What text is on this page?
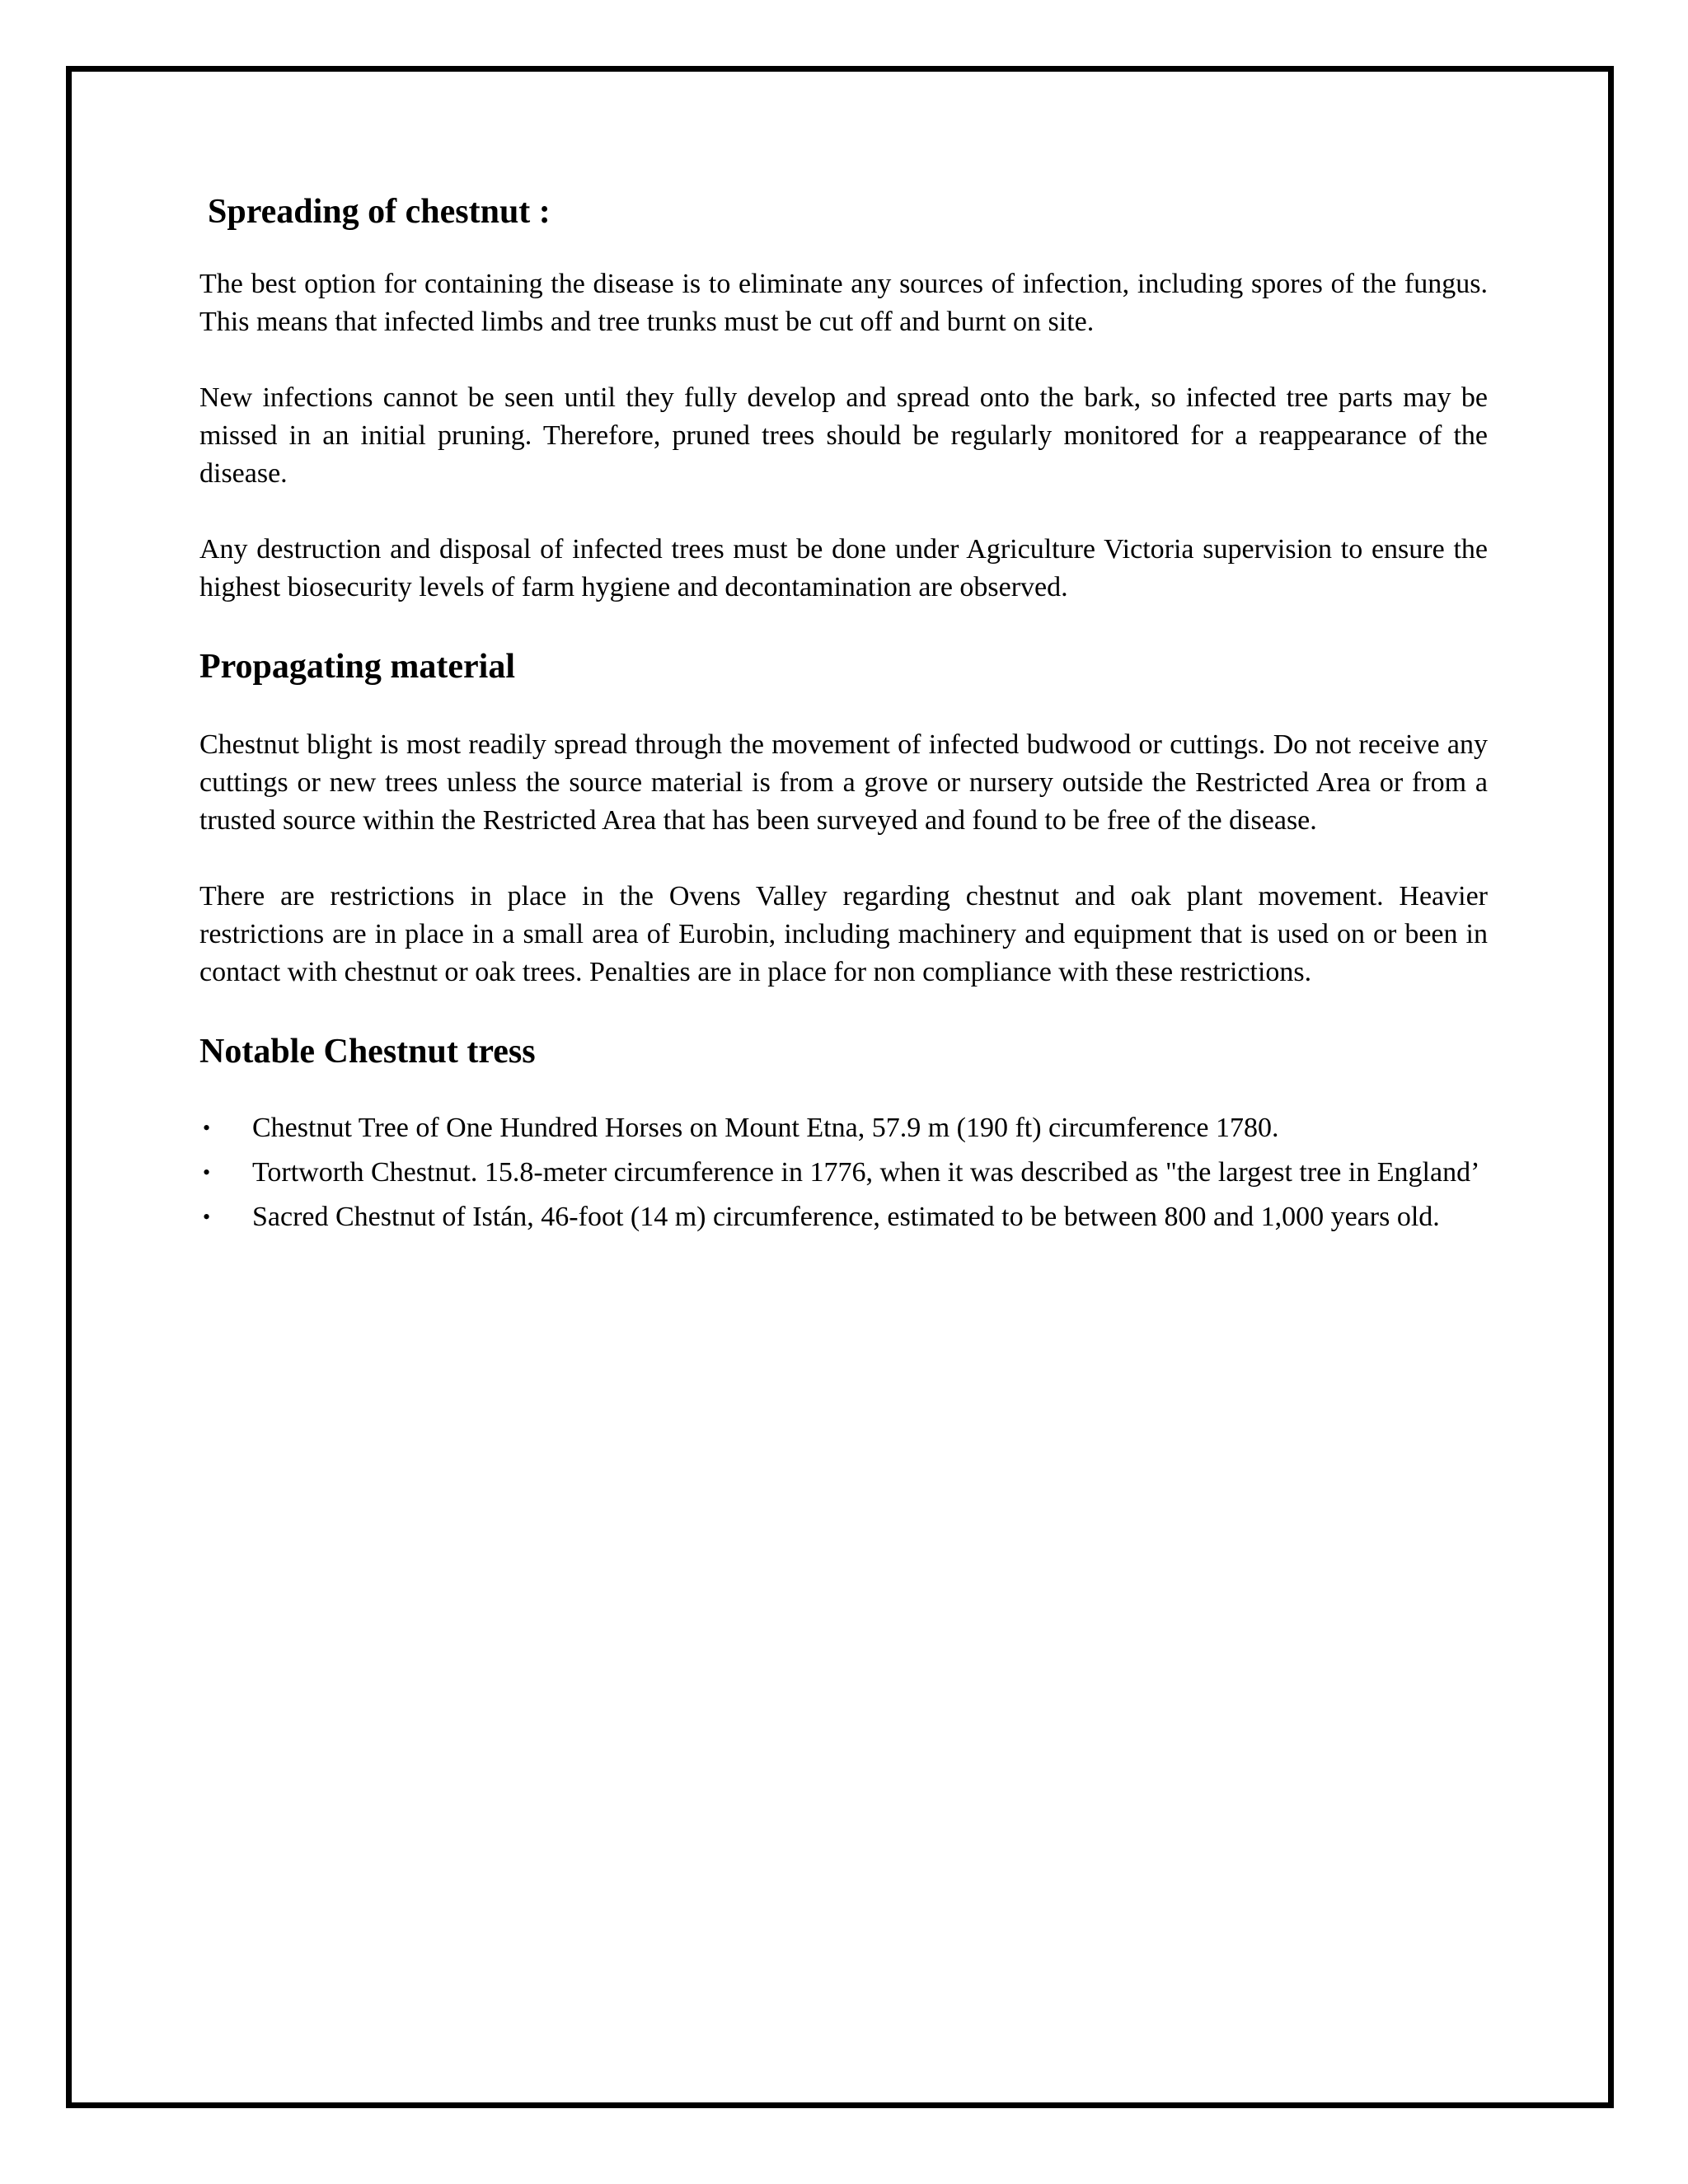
Spreading of chestnut :

The best option for containing the disease is to eliminate any sources of infection, including spores of the fungus. This means that infected limbs and tree trunks must be cut off and burnt on site.

New infections cannot be seen until they fully develop and spread onto the bark, so infected tree parts may be missed in an initial pruning. Therefore, pruned trees should be regularly monitored for a reappearance of the disease.

Any destruction and disposal of infected trees must be done under Agriculture Victoria supervision to ensure the highest biosecurity levels of farm hygiene and decontamination are observed.

Propagating material

Chestnut blight is most readily spread through the movement of infected budwood or cuttings. Do not receive any cuttings or new trees unless the source material is from a grove or nursery outside the Restricted Area or from a trusted source within the Restricted Area that has been surveyed and found to be free of the disease.

There are restrictions in place in the Ovens Valley regarding chestnut and oak plant movement. Heavier restrictions are in place in a small area of Eurobin, including machinery and equipment that is used on or been in contact with chestnut or oak trees. Penalties are in place for non compliance with these restrictions.

Notable Chestnut tress
• Chestnut Tree of One Hundred Horses on Mount Etna, 57.9 m (190 ft) circumference 1780.
• Tortworth Chestnut. 15.8-meter circumference in 1776, when it was described as "the largest tree in England’
• Sacred Chestnut of Istán, 46-foot (14 m) circumference, estimated to be between 800 and 1,000 years old.
